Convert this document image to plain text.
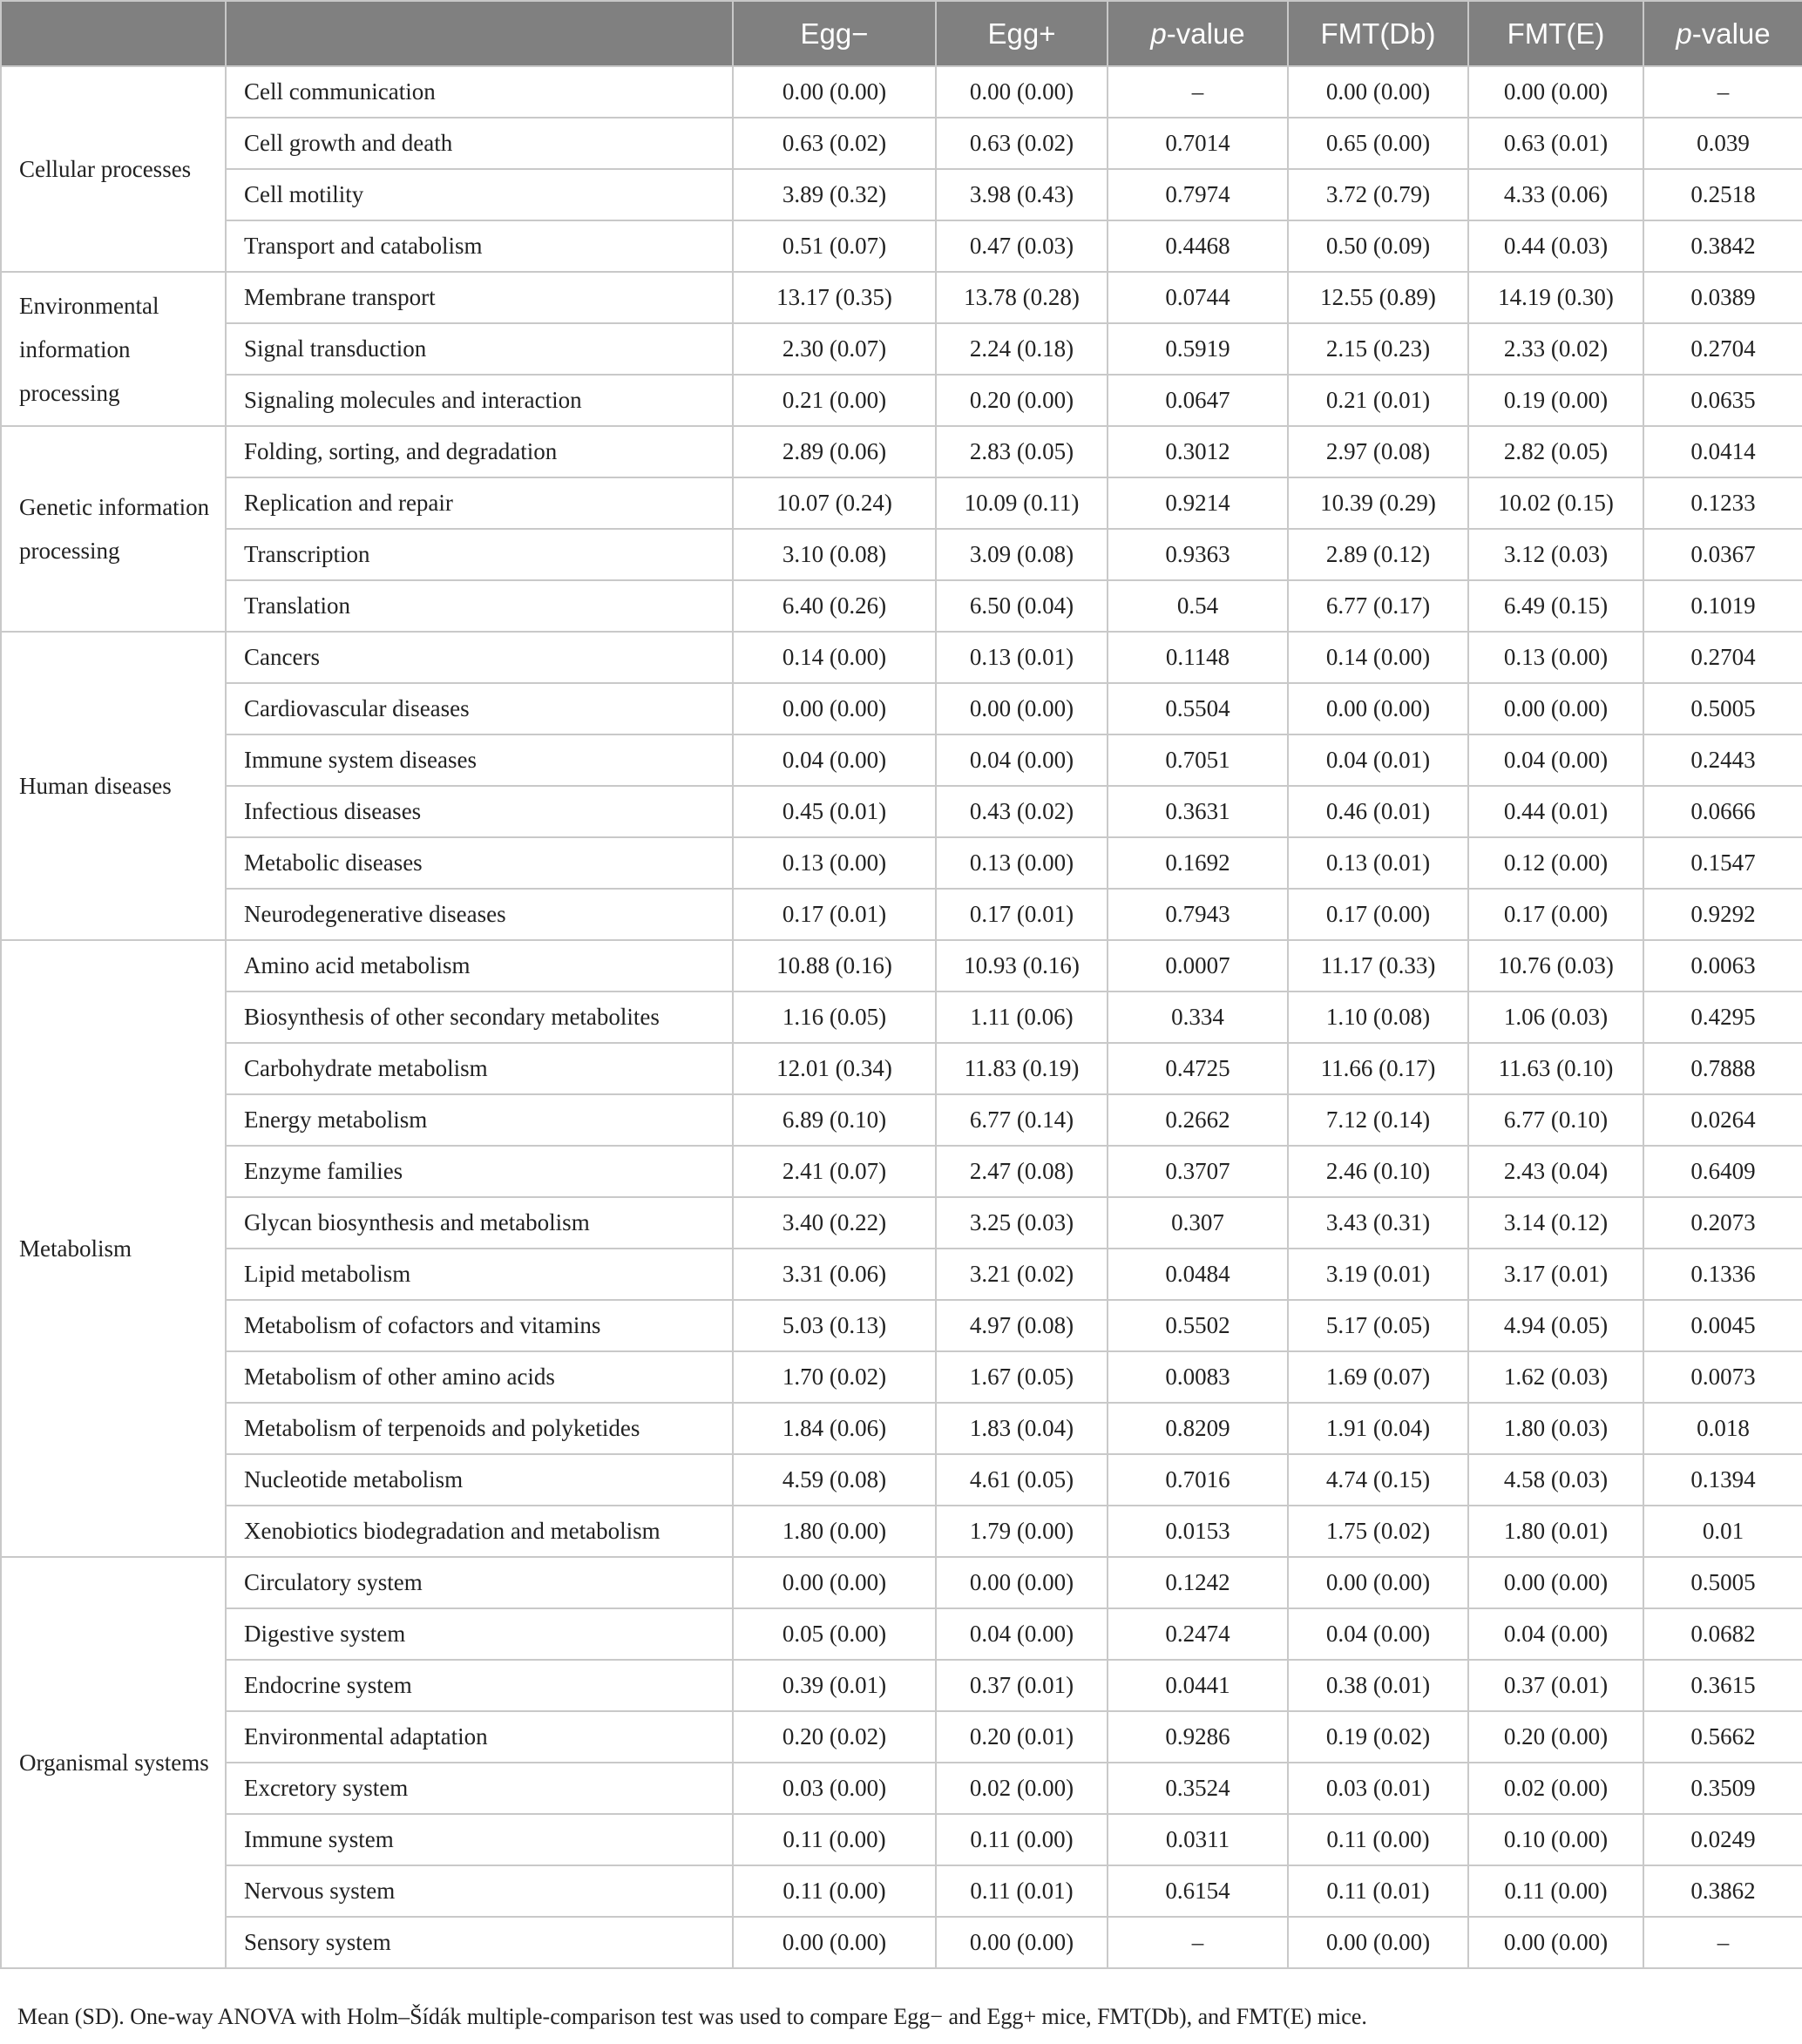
		Egg−	Egg+	p-value	FMT(Db)	FMT(E)	p-value
Cellular processes	Cell communication	0.00 (0.00)	0.00 (0.00)	–	0.00 (0.00)	0.00 (0.00)	–
	Cell growth and death	0.63 (0.02)	0.63 (0.02)	0.7014	0.65 (0.00)	0.63 (0.01)	0.039
	Cell motility	3.89 (0.32)	3.98 (0.43)	0.7974	3.72 (0.79)	4.33 (0.06)	0.2518
	Transport and catabolism	0.51 (0.07)	0.47 (0.03)	0.4468	0.50 (0.09)	0.44 (0.03)	0.3842
Environmental information processing	Membrane transport	13.17 (0.35)	13.78 (0.28)	0.0744	12.55 (0.89)	14.19 (0.30)	0.0389
	Signal transduction	2.30 (0.07)	2.24 (0.18)	0.5919	2.15 (0.23)	2.33 (0.02)	0.2704
	Signaling molecules and interaction	0.21 (0.00)	0.20 (0.00)	0.0647	0.21 (0.01)	0.19 (0.00)	0.0635
Genetic information processing	Folding, sorting, and degradation	2.89 (0.06)	2.83 (0.05)	0.3012	2.97 (0.08)	2.82 (0.05)	0.0414
	Replication and repair	10.07 (0.24)	10.09 (0.11)	0.9214	10.39 (0.29)	10.02 (0.15)	0.1233
	Transcription	3.10 (0.08)	3.09 (0.08)	0.9363	2.89 (0.12)	3.12 (0.03)	0.0367
	Translation	6.40 (0.26)	6.50 (0.04)	0.54	6.77 (0.17)	6.49 (0.15)	0.1019
Human diseases	Cancers	0.14 (0.00)	0.13 (0.01)	0.1148	0.14 (0.00)	0.13 (0.00)	0.2704
	Cardiovascular diseases	0.00 (0.00)	0.00 (0.00)	0.5504	0.00 (0.00)	0.00 (0.00)	0.5005
	Immune system diseases	0.04 (0.00)	0.04 (0.00)	0.7051	0.04 (0.01)	0.04 (0.00)	0.2443
	Infectious diseases	0.45 (0.01)	0.43 (0.02)	0.3631	0.46 (0.01)	0.44 (0.01)	0.0666
	Metabolic diseases	0.13 (0.00)	0.13 (0.00)	0.1692	0.13 (0.01)	0.12 (0.00)	0.1547
	Neurodegenerative diseases	0.17 (0.01)	0.17 (0.01)	0.7943	0.17 (0.00)	0.17 (0.00)	0.9292
Metabolism	Amino acid metabolism	10.88 (0.16)	10.93 (0.16)	0.0007	11.17 (0.33)	10.76 (0.03)	0.0063
	Biosynthesis of other secondary metabolites	1.16 (0.05)	1.11 (0.06)	0.334	1.10 (0.08)	1.06 (0.03)	0.4295
	Carbohydrate metabolism	12.01 (0.34)	11.83 (0.19)	0.4725	11.66 (0.17)	11.63 (0.10)	0.7888
	Energy metabolism	6.89 (0.10)	6.77 (0.14)	0.2662	7.12 (0.14)	6.77 (0.10)	0.0264
	Enzyme families	2.41 (0.07)	2.47 (0.08)	0.3707	2.46 (0.10)	2.43 (0.04)	0.6409
	Glycan biosynthesis and metabolism	3.40 (0.22)	3.25 (0.03)	0.307	3.43 (0.31)	3.14 (0.12)	0.2073
	Lipid metabolism	3.31 (0.06)	3.21 (0.02)	0.0484	3.19 (0.01)	3.17 (0.01)	0.1336
	Metabolism of cofactors and vitamins	5.03 (0.13)	4.97 (0.08)	0.5502	5.17 (0.05)	4.94 (0.05)	0.0045
	Metabolism of other amino acids	1.70 (0.02)	1.67 (0.05)	0.0083	1.69 (0.07)	1.62 (0.03)	0.0073
	Metabolism of terpenoids and polyketides	1.84 (0.06)	1.83 (0.04)	0.8209	1.91 (0.04)	1.80 (0.03)	0.018
	Nucleotide metabolism	4.59 (0.08)	4.61 (0.05)	0.7016	4.74 (0.15)	4.58 (0.03)	0.1394
	Xenobiotics biodegradation and metabolism	1.80 (0.00)	1.79 (0.00)	0.0153	1.75 (0.02)	1.80 (0.01)	0.01
Organismal systems	Circulatory system	0.00 (0.00)	0.00 (0.00)	0.1242	0.00 (0.00)	0.00 (0.00)	0.5005
	Digestive system	0.05 (0.00)	0.04 (0.00)	0.2474	0.04 (0.00)	0.04 (0.00)	0.0682
	Endocrine system	0.39 (0.01)	0.37 (0.01)	0.0441	0.38 (0.01)	0.37 (0.01)	0.3615
	Environmental adaptation	0.20 (0.02)	0.20 (0.01)	0.9286	0.19 (0.02)	0.20 (0.00)	0.5662
	Excretory system	0.03 (0.00)	0.02 (0.00)	0.3524	0.03 (0.01)	0.02 (0.00)	0.3509
	Immune system	0.11 (0.00)	0.11 (0.00)	0.0311	0.11 (0.00)	0.10 (0.00)	0.0249
	Nervous system	0.11 (0.00)	0.11 (0.01)	0.6154	0.11 (0.01)	0.11 (0.00)	0.3862
	Sensory system	0.00 (0.00)	0.00 (0.00)	–	0.00 (0.00)	0.00 (0.00)	–
Mean (SD). One-way ANOVA with Holm–Šídák multiple-comparison test was used to compare Egg− and Egg+ mice, FMT(Db), and FMT(E) mice.
